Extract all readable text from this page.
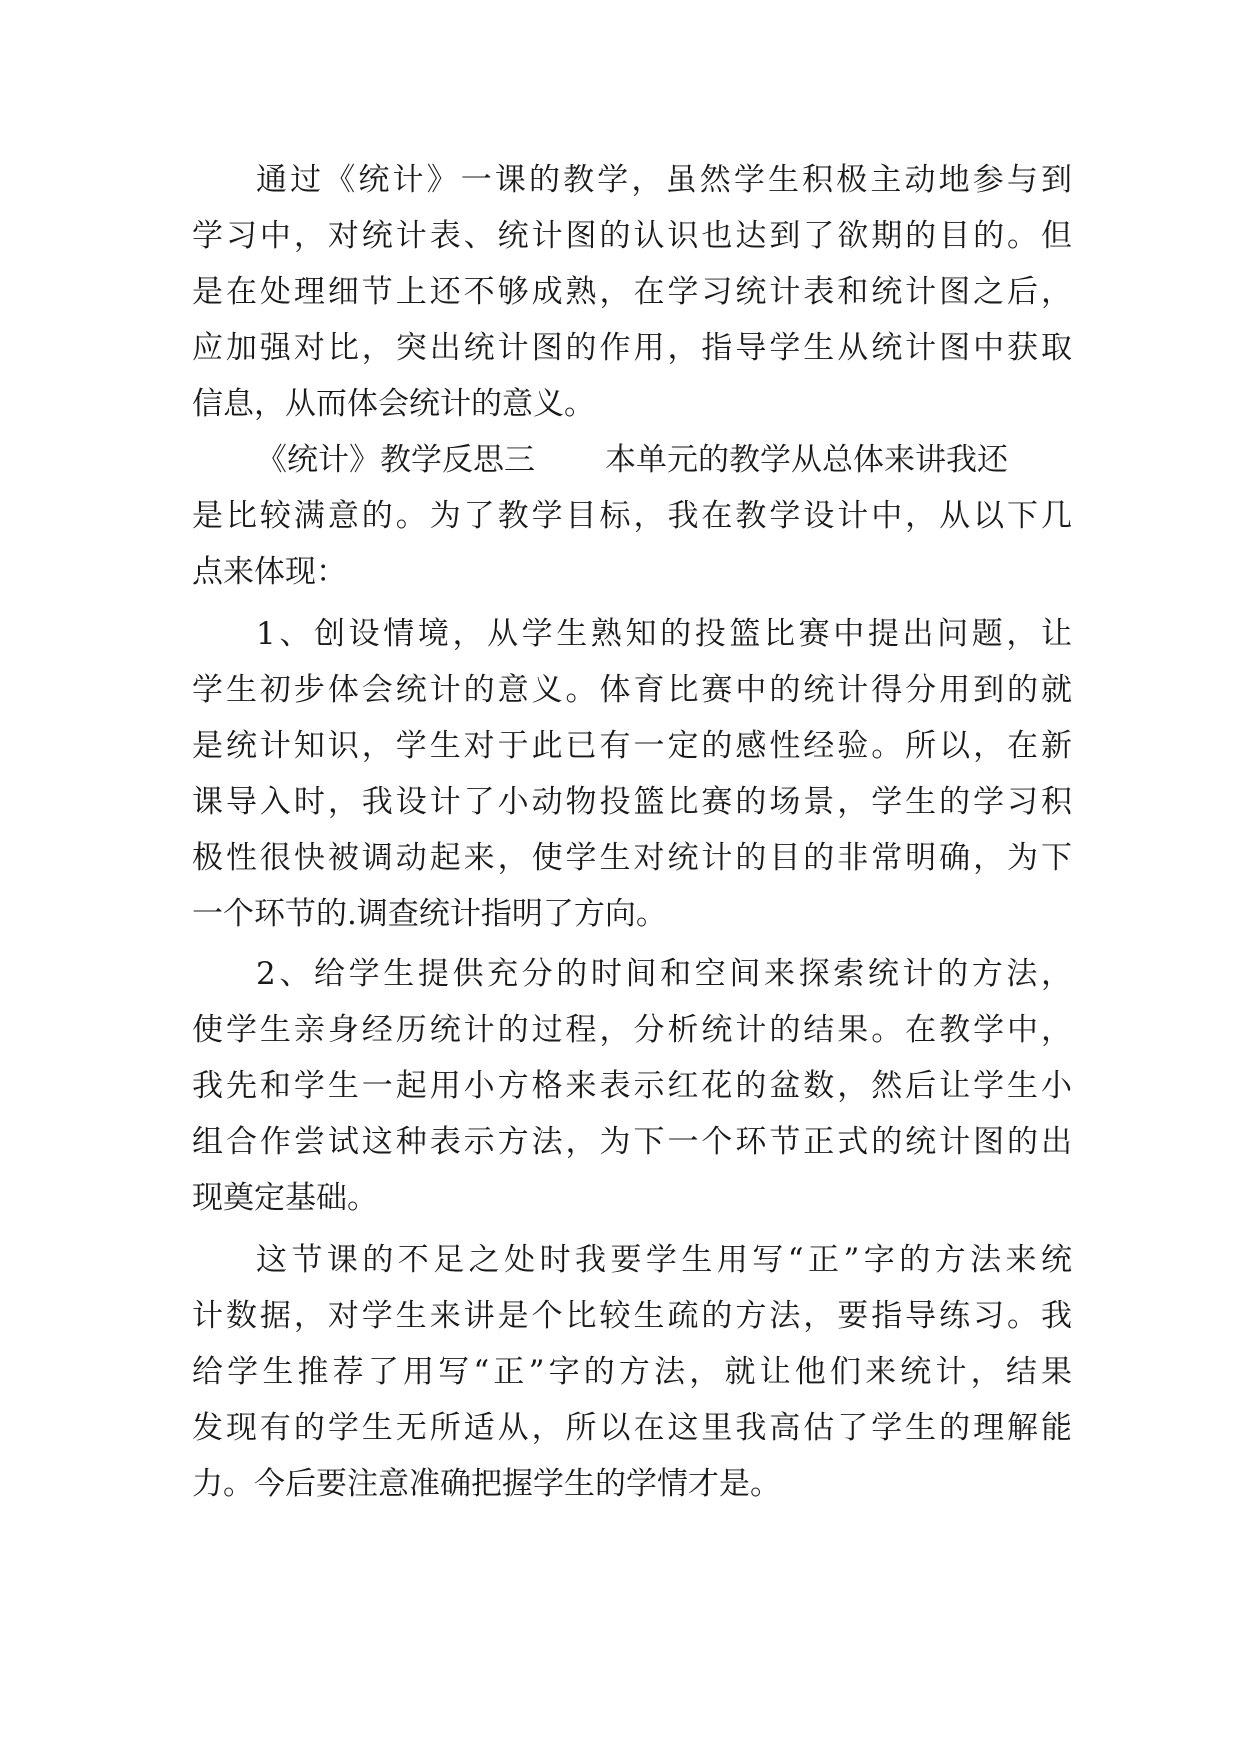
通过《统计》一课的教学，虽然学生积极主动地参与到
学习中，对统计表、统计图的认识也达到了欲期的目的。但
是在处理细节上还不够成熟，在学习统计表和统计图之后，
应加强对比，突出统计图的作用，指导学生从统计图中获取
信息，从而体会统计的意义。
《统计》教学反思三 本单元的教学从总体来讲我还
是比较满意的。为了教学目标，我在教学设计中，从以下几
点来体现：
1、创设情境，从学生熟知的投篮比赛中提出问题，让
学生初步体会统计的意义。体育比赛中的统计得分用到的就
是统计知识，学生对于此已有一定的感性经验。所以，在新
课导入时，我设计了小动物投篮比赛的场景，学生的学习积
极性很快被调动起来，使学生对统计的目的非常明确，为下
一个环节的.调查统计指明了方向。
2、给学生提供充分的时间和空间来探索统计的方法，
使学生亲身经历统计的过程，分析统计的结果。在教学中，
我先和学生一起用小方格来表示红花的盆数，然后让学生小
组合作尝试这种表示方法，为下一个环节正式的统计图的出
现奠定基础。
这节课的不足之处时我要学生用写“正”字的方法来统
计数据，对学生来讲是个比较生疏的方法，要指导练习。我
给学生推荐了用写“正”字的方法，就让他们来统计，结果
发现有的学生无所适从，所以在这里我高估了学生的理解能
力。今后要注意准确把握学生的学情才是。
